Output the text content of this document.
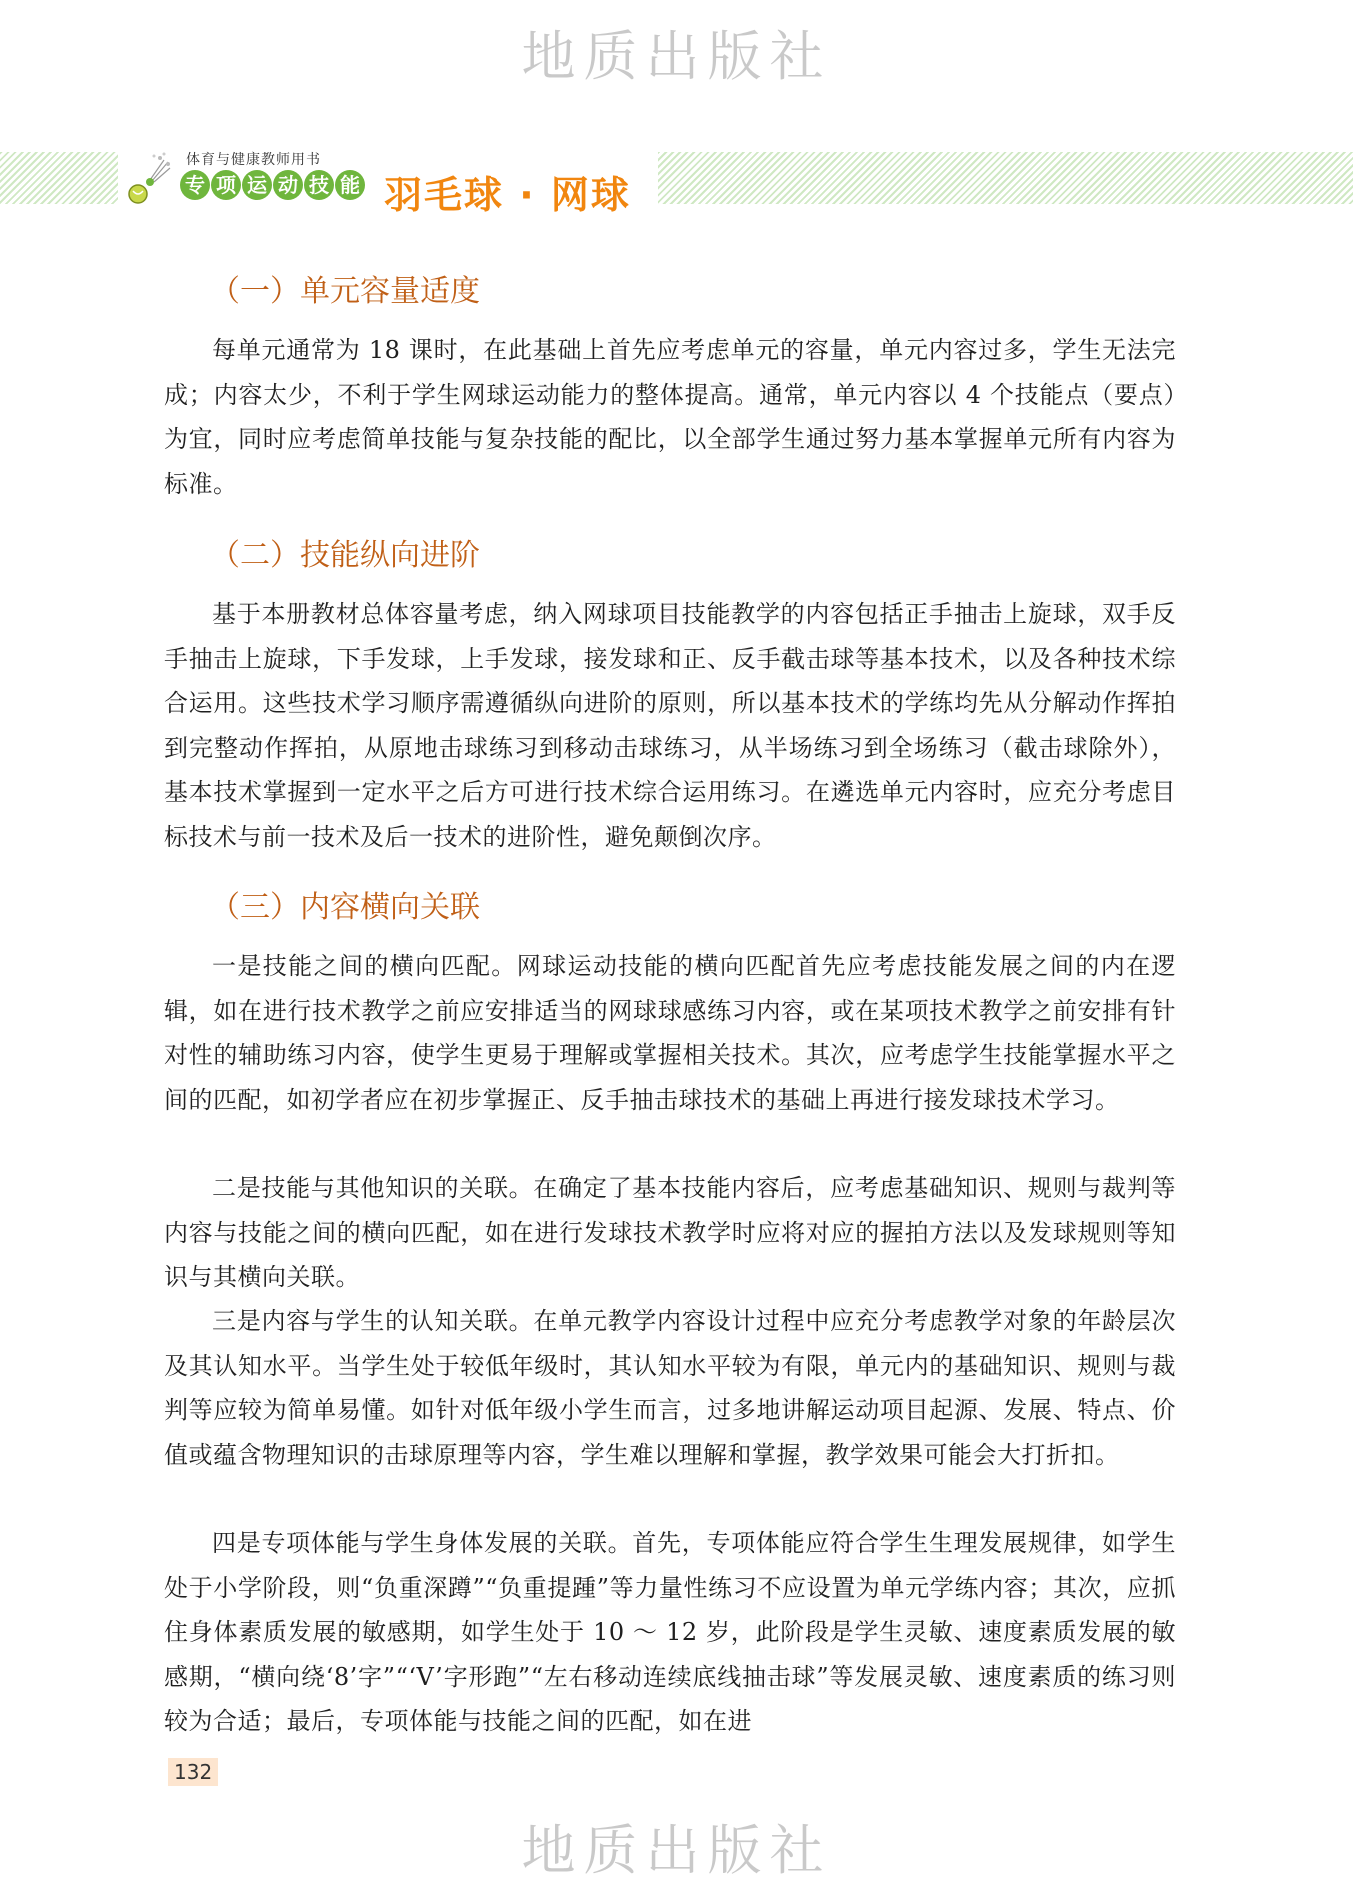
地质出版社
体育与健康教师用书
专 项 运 动 技 能 羽毛球 · 网球
（一）单元容量适度

每单元通常为 18 课时，在此基础上首先应考虑单元的容量，单元内容过多，学生无法完成；内容太少，不利于学生网球运动能力的整体提高。通常，单元内容以 4 个技能点（要点）为宜，同时应考虑简单技能与复杂技能的配比，以全部学生通过努力基本掌握单元所有内容为标准。

（二）技能纵向进阶

基于本册教材总体容量考虑，纳入网球项目技能教学的内容包括正手抽击上旋球，双手反手抽击上旋球，下手发球，上手发球，接发球和正、反手截击球等基本技术，以及各种技术综合运用。这些技术学习顺序需遵循纵向进阶的原则，所以基本技术的学练均先从分解动作挥拍到完整动作挥拍，从原地击球练习到移动击球练习，从半场练习到全场练习（截击球除外），基本技术掌握到一定水平之后方可进行技术综合运用练习。在遴选单元内容时，应充分考虑目标技术与前一技术及后一技术的进阶性，避免颠倒次序。

（三）内容横向关联

一是技能之间的横向匹配。网球运动技能的横向匹配首先应考虑技能发展之间的内在逻辑，如在进行技术教学之前应安排适当的网球球感练习内容，或在某项技术教学之前安排有针对性的辅助练习内容，使学生更易于理解或掌握相关技术。其次，应考虑学生技能掌握水平之间的匹配，如初学者应在初步掌握正、反手抽击球技术的基础上再进行接发球技术学习。

二是技能与其他知识的关联。在确定了基本技能内容后，应考虑基础知识、规则与裁判等内容与技能之间的横向匹配，如在进行发球技术教学时应将对应的握拍方法以及发球规则等知识与其横向关联。

三是内容与学生的认知关联。在单元教学内容设计过程中应充分考虑教学对象的年龄层次及其认知水平。当学生处于较低年级时，其认知水平较为有限，单元内的基础知识、规则与裁判等应较为简单易懂。如针对低年级小学生而言，过多地讲解运动项目起源、发展、特点、价值或蕴含物理知识的击球原理等内容，学生难以理解和掌握，教学效果可能会大打折扣。

四是专项体能与学生身体发展的关联。首先，专项体能应符合学生生理发展规律，如学生处于小学阶段，则“负重深蹲”“负重提踵”等力量性练习不应设置为单元学练内容；其次，应抓住身体素质发展的敏感期，如学生处于 10 ～ 12 岁，此阶段是学生灵敏、速度素质发展的敏感期，“横向绕‘8’字”“‘V’字形跑”“左右移动连续底线抽击球”等发展灵敏、速度素质的练习则较为合适；最后，专项体能与技能之间的匹配，如在进

132
地质出版社
